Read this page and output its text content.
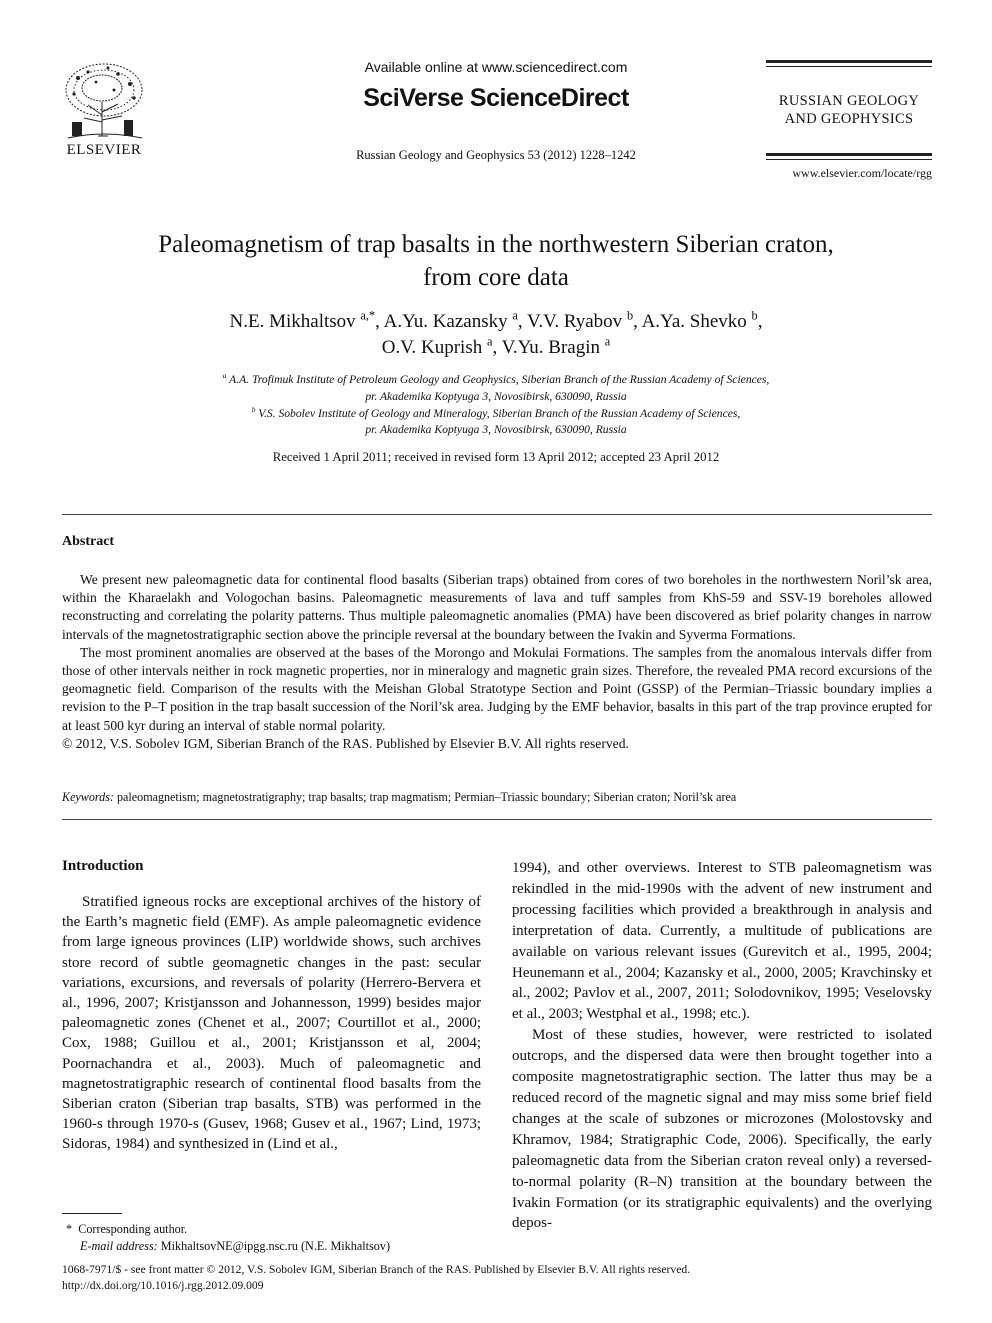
ELSEVIER
Available online at www.sciencedirect.com
SciVerse ScienceDirect
Russian Geology and Geophysics 53 (2012) 1228–1242
RUSSIAN GEOLOGY
AND GEOPHYSICS
www.elsevier.com/locate/rgg
Paleomagnetism of trap basalts in the northwestern Siberian craton,
from core data
N.E. Mikhaltsov $^{a,*}$, A.Yu. Kazansky $^a$, V.V. Ryabov $^b$, A.Ya. Shevko $^b$,
O.V. Kuprish $^a$, V.Yu. Bragin $^a$
$^a$ A.A. Trofimuk Institute of Petroleum Geology and Geophysics, Siberian Branch of the Russian Academy of Sciences,
pr. Akademika Koptyuga 3, Novosibirsk, 630090, Russia
$^b$ V.S. Sobolev Institute of Geology and Mineralogy, Siberian Branch of the Russian Academy of Sciences,
pr. Akademika Koptyuga 3, Novosibirsk, 630090, Russia
Received 1 April 2011; received in revised form 13 April 2012; accepted 23 April 2012
Abstract

We present new paleomagnetic data for continental flood basalts (Siberian traps) obtained from cores of two boreholes in the northwestern Noril’sk area, within the Kharaelakh and Vologochan basins. Paleomagnetic measurements of lava and tuff samples from KhS-59 and SSV-19 boreholes allowed reconstructing and correlating the polarity patterns. Thus multiple paleomagnetic anomalies (PMA) have been discovered as brief polarity changes in narrow intervals of the magnetostratigraphic section above the principle reversal at the boundary between the Ivakin and Syverma Formations.

The most prominent anomalies are observed at the bases of the Morongo and Mokulai Formations. The samples from the anomalous intervals differ from those of other intervals neither in rock magnetic properties, nor in mineralogy and magnetic grain sizes. Therefore, the revealed PMA record excursions of the geomagnetic field. Comparison of the results with the Meishan Global Stratotype Section and Point (GSSP) of the Permian–Triassic boundary implies a revision to the P–T position in the trap basalt succession of the Noril’sk area. Judging by the EMF behavior, basalts in this part of the trap province erupted for at least 500 kyr during an interval of stable normal polarity.

© 2012, V.S. Sobolev IGM, Siberian Branch of the RAS. Published by Elsevier B.V. All rights reserved.

Keywords: paleomagnetism; magnetostratigraphy; trap basalts; trap magmatism; Permian–Triassic boundary; Siberian craton; Noril’sk area
Introduction

Stratified igneous rocks are exceptional archives of the history of the Earth’s magnetic field (EMF). As ample paleomagnetic evidence from large igneous provinces (LIP) worldwide shows, such archives store record of subtle geomagnetic changes in the past: secular variations, excursions, and reversals of polarity (Herrero-Bervera et al., 1996, 2007; Kristjansson and Johannesson, 1999) besides major paleomagnetic zones (Chenet et al., 2007; Courtillot et al., 2000; Cox, 1988; Guillou et al., 2001; Kristjansson et al, 2004; Poornachandra et al., 2003). Much of paleomagnetic and magnetostratigraphic research of continental flood basalts from the Siberian craton (Siberian trap basalts, STB) was performed in the 1960-s through 1970-s (Gusev, 1968; Gusev et al., 1967; Lind, 1973; Sidoras, 1984) and synthesized in (Lind et al.,

1994), and other overviews. Interest to STB paleomagnetism was rekindled in the mid-1990s with the advent of new instrument and processing facilities which provided a breakthrough in analysis and interpretation of data. Currently, a multitude of publications are available on various relevant issues (Gurevitch et al., 1995, 2004; Heunemann et al., 2004; Kazansky et al., 2000, 2005; Kravchinsky et al., 2002; Pavlov et al., 2007, 2011; Solodovnikov, 1995; Veselovsky et al., 2003; Westphal et al., 1998; etc.).

Most of these studies, however, were restricted to isolated outcrops, and the dispersed data were then brought together into a composite magnetostratigraphic section. The latter thus may be a reduced record of the magnetic signal and may miss some brief field changes at the scale of subzones or microzones (Molostovsky and Khramov, 1984; Stratigraphic Code, 2006). Specifically, the early paleomagnetic data from the Siberian craton reveal only) a reversed-to-normal polarity (R–N) transition at the boundary between the Ivakin Formation (or its stratigraphic equivalents) and the overlying depos-

* Corresponding author.
E-mail address: MikhaltsovNE@ipgg.nsc.ru (N.E. Mikhaltsov)
1068-7971/$ - see front matter © 2012, V.S. Sobolev IGM, Siberian Branch of the RAS. Published by Elsevier B.V. All rights reserved.
http://dx.doi.org/10.1016/j.rgg.2012.09.009
